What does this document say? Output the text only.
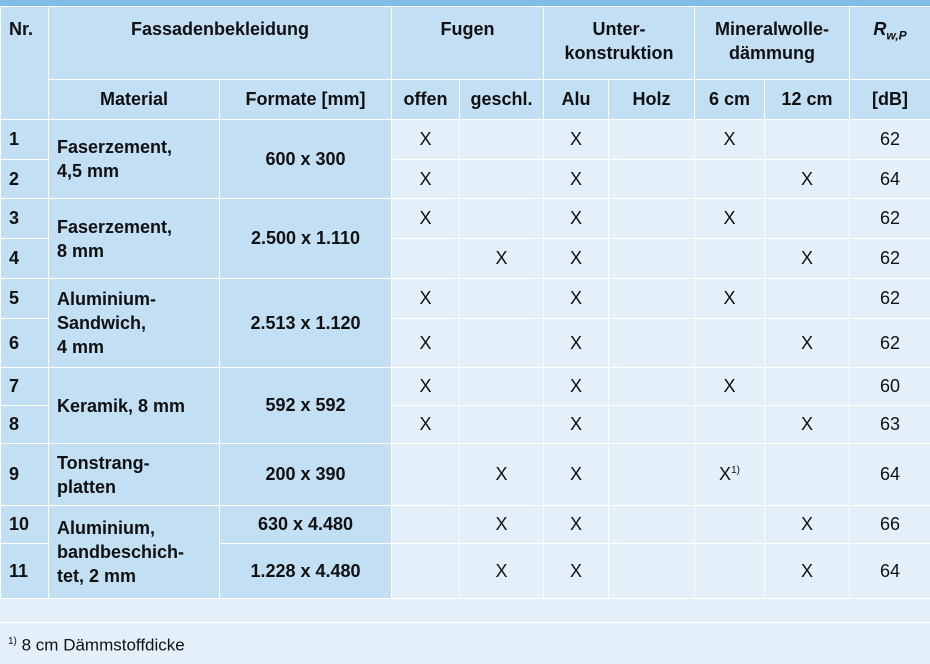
Nr.	Fassadenbekleidung		Fugen		Unter-
konstruktion		Mineralwolle-
dämmung		$R_{w,P}$
	Material	Formate [mm]	offen	geschl.	Alu	Holz	6 cm	12 cm	[dB]
1	Faserzement,
4,5 mm	600 x 300	X		X		X		62
2			X		X			X	64
3	Faserzement,
8 mm	2.500 x 1.110	X		X		X		62
4				X	X			X	62
5	Aluminium-
Sandwich,
4 mm	2.513 x 1.120	X		X		X		62
6			X		X			X	62
7	Keramik, 8 mm	592 x 592	X		X		X		60
8			X		X			X	63
9	Tonstrang-
platten	200 x 390		X	X		X$^{1)}$		64
10	Aluminium,
bandbeschich-
tet, 2 mm	630 x 4.480		X	X			X	66
11		1.228 x 4.480		X	X			X	64
$^{1)}$ 8 cm Dämmstoffdicke
